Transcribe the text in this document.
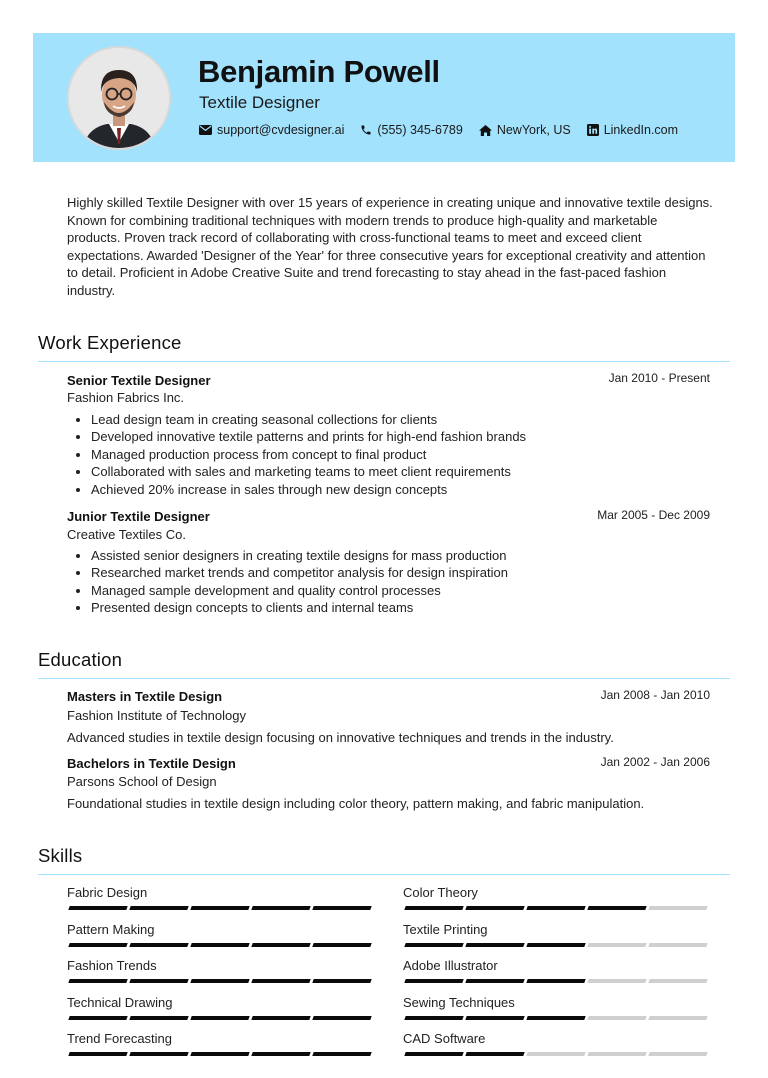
Benjamin Powell
Textile Designer
support@cvdesigner.ai	(555) 345-6789	NewYork, US	LinkedIn.com
Highly skilled Textile Designer with over 15 years of experience in creating unique and innovative textile designs. Known for combining traditional techniques with modern trends to produce high-quality and marketable products. Proven track record of collaborating with cross-functional teams to meet and exceed client expectations. Awarded 'Designer of the Year' for three consecutive years for exceptional creativity and attention to detail. Proficient in Adobe Creative Suite and trend forecasting to stay ahead in the fast-paced fashion industry.
Work Experience
Senior Textile Designer	Jan 2010 - Present
Fashion Fabrics Inc.
• Lead design team in creating seasonal collections for clients
• Developed innovative textile patterns and prints for high-end fashion brands
• Managed production process from concept to final product
• Collaborated with sales and marketing teams to meet client requirements
• Achieved 20% increase in sales through new design concepts
Junior Textile Designer	Mar 2005 - Dec 2009
Creative Textiles Co.
• Assisted senior designers in creating textile designs for mass production
• Researched market trends and competitor analysis for design inspiration
• Managed sample development and quality control processes
• Presented design concepts to clients and internal teams
Education
Masters in Textile Design	Jan 2008 - Jan 2010
Fashion Institute of Technology
Advanced studies in textile design focusing on innovative techniques and trends in the industry.
Bachelors in Textile Design	Jan 2002 - Jan 2006
Parsons School of Design
Foundational studies in textile design including color theory, pattern making, and fabric manipulation.
Skills
Fabric Design	Color Theory
Pattern Making	Textile Printing
Fashion Trends	Adobe Illustrator
Technical Drawing	Sewing Techniques
Trend Forecasting	CAD Software
